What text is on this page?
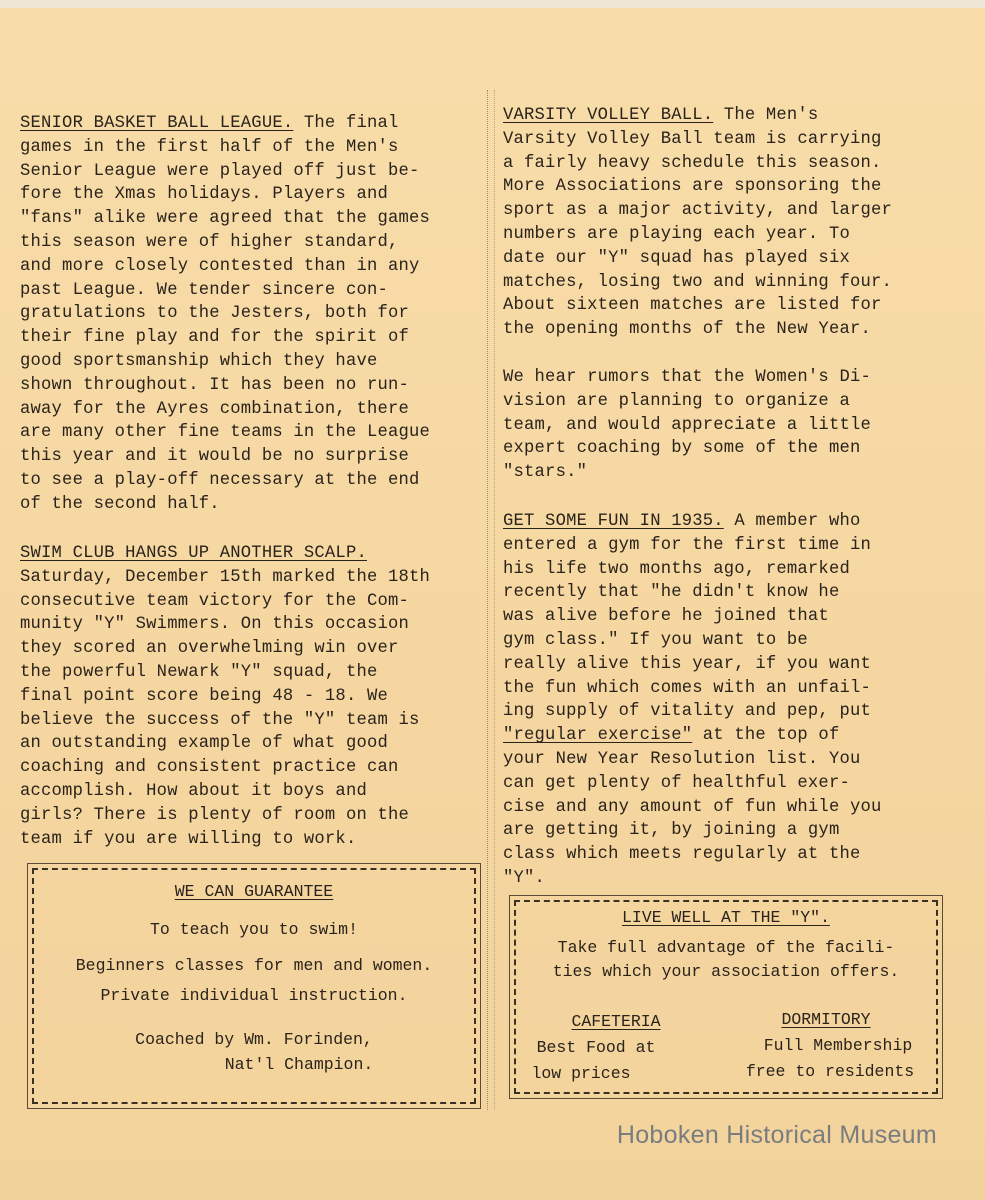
SENIOR BASKET BALL LEAGUE. The final
games in the first half of the Men's
Senior League were played off just be-
fore the Xmas holidays. Players and
"fans" alike were agreed that the games
this season were of higher standard,
and more closely contested than in any
past League. We tender sincere con-
gratulations to the Jesters, both for
their fine play and for the spirit of
good sportsmanship which they have
shown throughout. It has been no run-
away for the Ayres combination, there
are many other fine teams in the League
this year and it would be no surprise
to see a play-off necessary at the end
of the second half.
SWIM CLUB HANGS UP ANOTHER SCALP.
Saturday, December 15th marked the 18th
consecutive team victory for the Com-
munity "Y" Swimmers. On this occasion
they scored an overwhelming win over
the powerful Newark "Y" squad, the
final point score being 48 - 18. We
believe the success of the "Y" team is
an outstanding example of what good
coaching and consistent practice can
accomplish. How about it boys and
girls? There is plenty of room on the
team if you are willing to work.
WE CAN GUARANTEE
To teach you to swim!
Beginners classes for men and women.
Private individual instruction.
Coached by Wm. Forinden,
Nat'l Champion.
VARSITY VOLLEY BALL. The Men's
Varsity Volley Ball team is carrying
a fairly heavy schedule this season.
More Associations are sponsoring the
sport as a major activity, and larger
numbers are playing each year. To
date our "Y" squad has played six
matches, losing two and winning four.
About sixteen matches are listed for
the opening months of the New Year.
We hear rumors that the Women's Di-
vision are planning to organize a
team, and would appreciate a little
expert coaching by some of the men
"stars."
GET SOME FUN IN 1935. A member who
entered a gym for the first time in
his life two months ago, remarked
recently that "he didn't know he
was alive before he joined that
gym class." If you want to be
really alive this year, if you want
the fun which comes with an unfail-
ing supply of vitality and pep, put
"regular exercise" at the top of
your New Year Resolution list. You
can get plenty of healthful exer-
cise and any amount of fun while you
are getting it, by joining a gym
class which meets regularly at the
"Y".
LIVE WELL AT THE "Y".
Take full advantage of the facili-
ties which your association offers.
CAFETERIA
Best Food at
low prices
DORMITORY
Full Membership
free to residents
Hoboken Historical Museum
